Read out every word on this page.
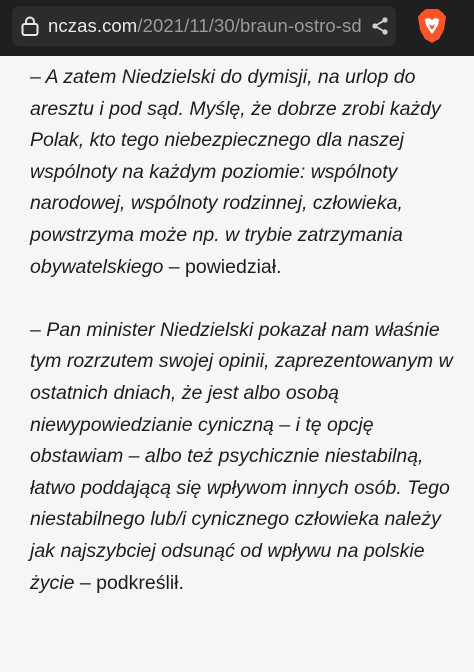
nczas.com/2021/11/30/braun-ostro-sd

– A zatem Niedzielski do dymisji, na urlop do
aresztu i pod sąd. Myślę, że dobrze zrobi każdy
Polak, kto tego niebezpiecznego dla naszej
wspólnoty na każdym poziomie: wspólnoty
narodowej, wspólnoty rodzinnej, człowieka,
powstrzyma może np. w trybie zatrzymania
obywatelskiego – powiedział.

– Pan minister Niedzielski pokazał nam właśnie
tym rozrzutem swojej opinii, zaprezentowanym w
ostatnich dniach, że jest albo osobą
niewypowiedzianie cyniczną – i tę opcję
obstawiam – albo też psychicznie niestabilną,
łatwo poddającą się wpływom innych osób. Tego
niestabilnego lub/i cynicznego człowieka należy
jak najszybciej odsunąć od wpływu na polskie
życie – podkreślił.
